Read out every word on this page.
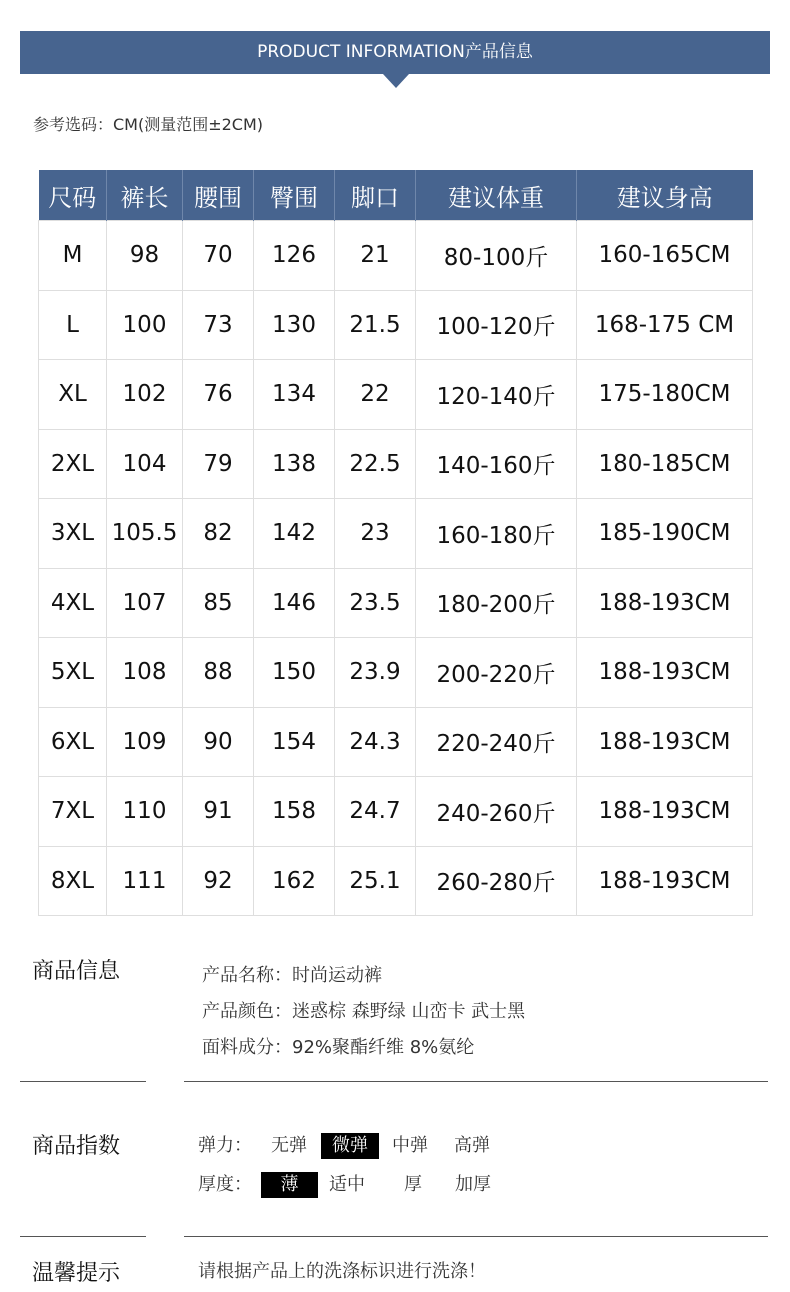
PRODUCT INFORMATION产品信息
参考选码：CM(测量范围±2CM)
尺码	裤长	腰围	臀围	脚口	建议体重	建议身高
M	98	70	126	21	80-100斤	160-165CM
L	100	73	130	21.5	100-120斤	168-175 CM
XL	102	76	134	22	120-140斤	175-180CM
2XL	104	79	138	22.5	140-160斤	180-185CM
3XL	105.5	82	142	23	160-180斤	185-190CM
4XL	107	85	146	23.5	180-200斤	188-193CM
5XL	108	88	150	23.9	200-220斤	188-193CM
6XL	109	90	154	24.3	220-240斤	188-193CM
7XL	110	91	158	24.7	240-260斤	188-193CM
8XL	111	92	162	25.1	260-280斤	188-193CM
商品信息	产品名称：时尚运动裤
产品颜色：迷惑棕 森野绿 山峦卡 武士黑
面料成分：92%聚酯纤维 8%氨纶
商品指数	弹力： 无弹	微弹	中弹 高弹
厚度：	薄	适中 厚 加厚
温馨提示	请根据产品上的洗涤标识进行洗涤！
